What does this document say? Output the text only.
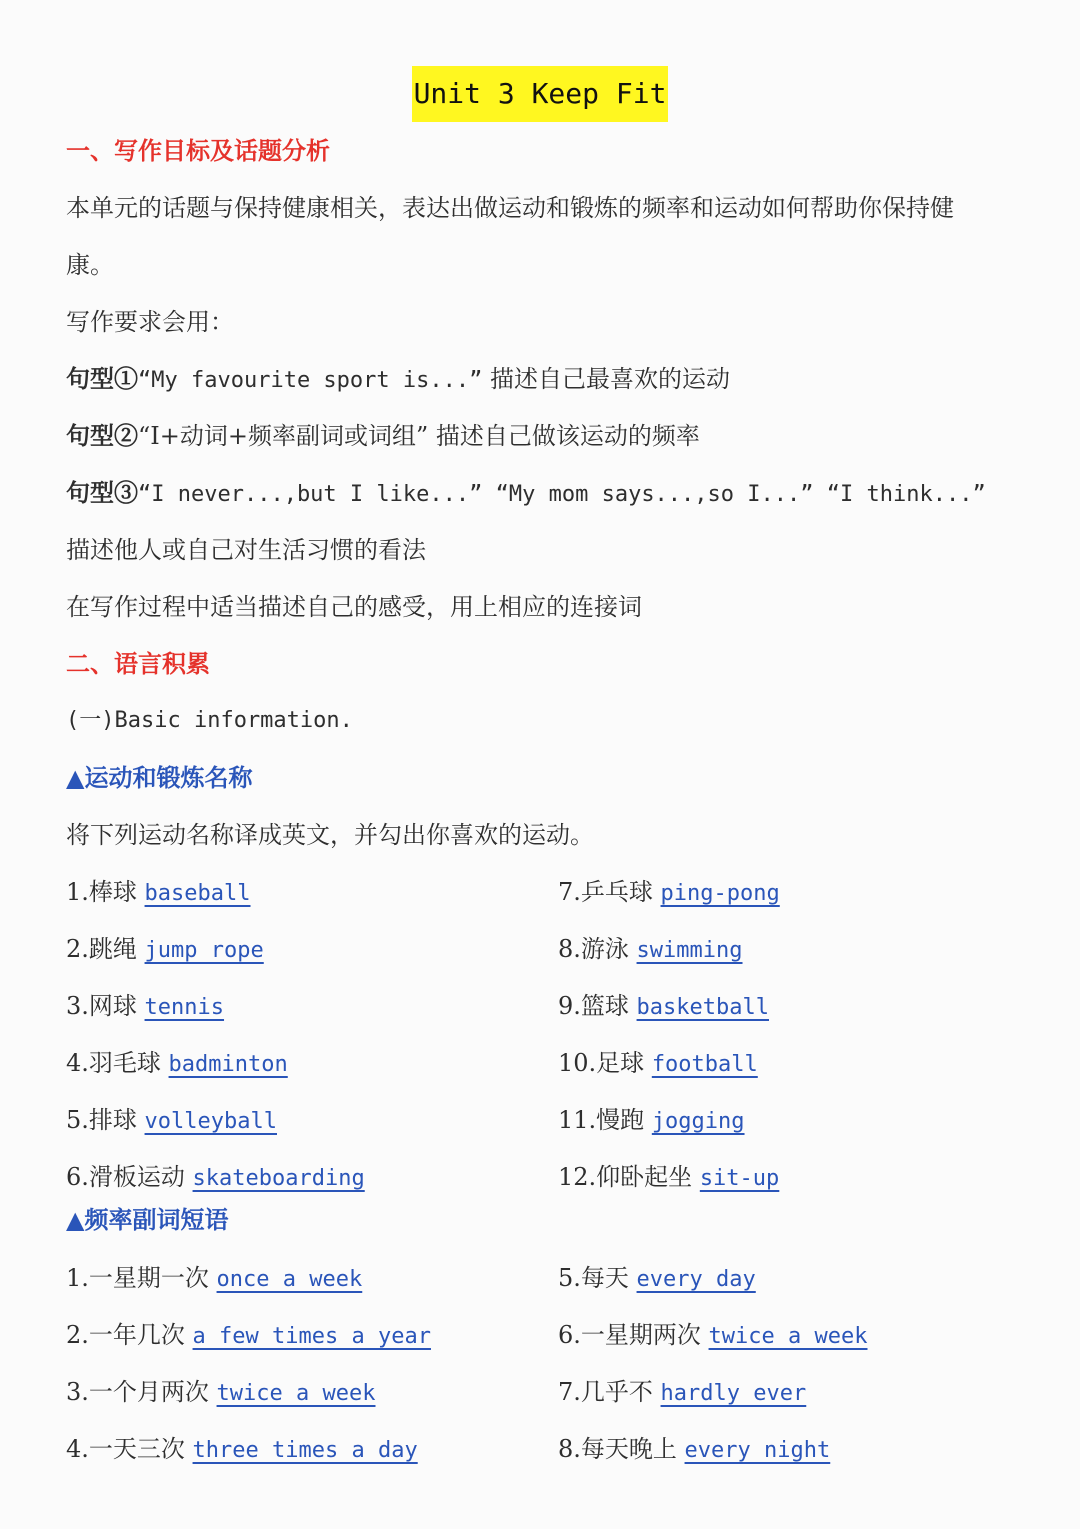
Unit 3 Keep Fit
一、写作目标及话题分析
本单元的话题与保持健康相关，表达出做运动和锻炼的频率和运动如何帮助你保持健
康。
写作要求会用：
句型①“My favourite sport is...” 描述自己最喜欢的运动
句型②“I+动词+频率副词或词组” 描述自己做该运动的频率
句型③“I never...,but I like...” “My mom says...,so I...” “I think...”
描述他人或自己对生活习惯的看法
在写作过程中适当描述自己的感受，用上相应的连接词
二、语言积累
(一)Basic information.
▲运动和锻炼名称
将下列运动名称译成英文，并勾出你喜欢的运动。
1.棒球 baseball
2.跳绳 jump rope
3.网球 tennis
4.羽毛球 badminton
5.排球 volleyball
6.滑板运动 skateboarding
7.乒乓球 ping-pong
8.游泳 swimming
9.篮球 basketball
10.足球 football
11.慢跑 jogging
12.仰卧起坐 sit-up
▲频率副词短语
1.一星期一次 once a week
2.一年几次 a few times a year
3.一个月两次 twice a week
4.一天三次 three times a day
5.每天 every day
6.一星期两次 twice a week
7.几乎不 hardly ever
8.每天晚上 every night
